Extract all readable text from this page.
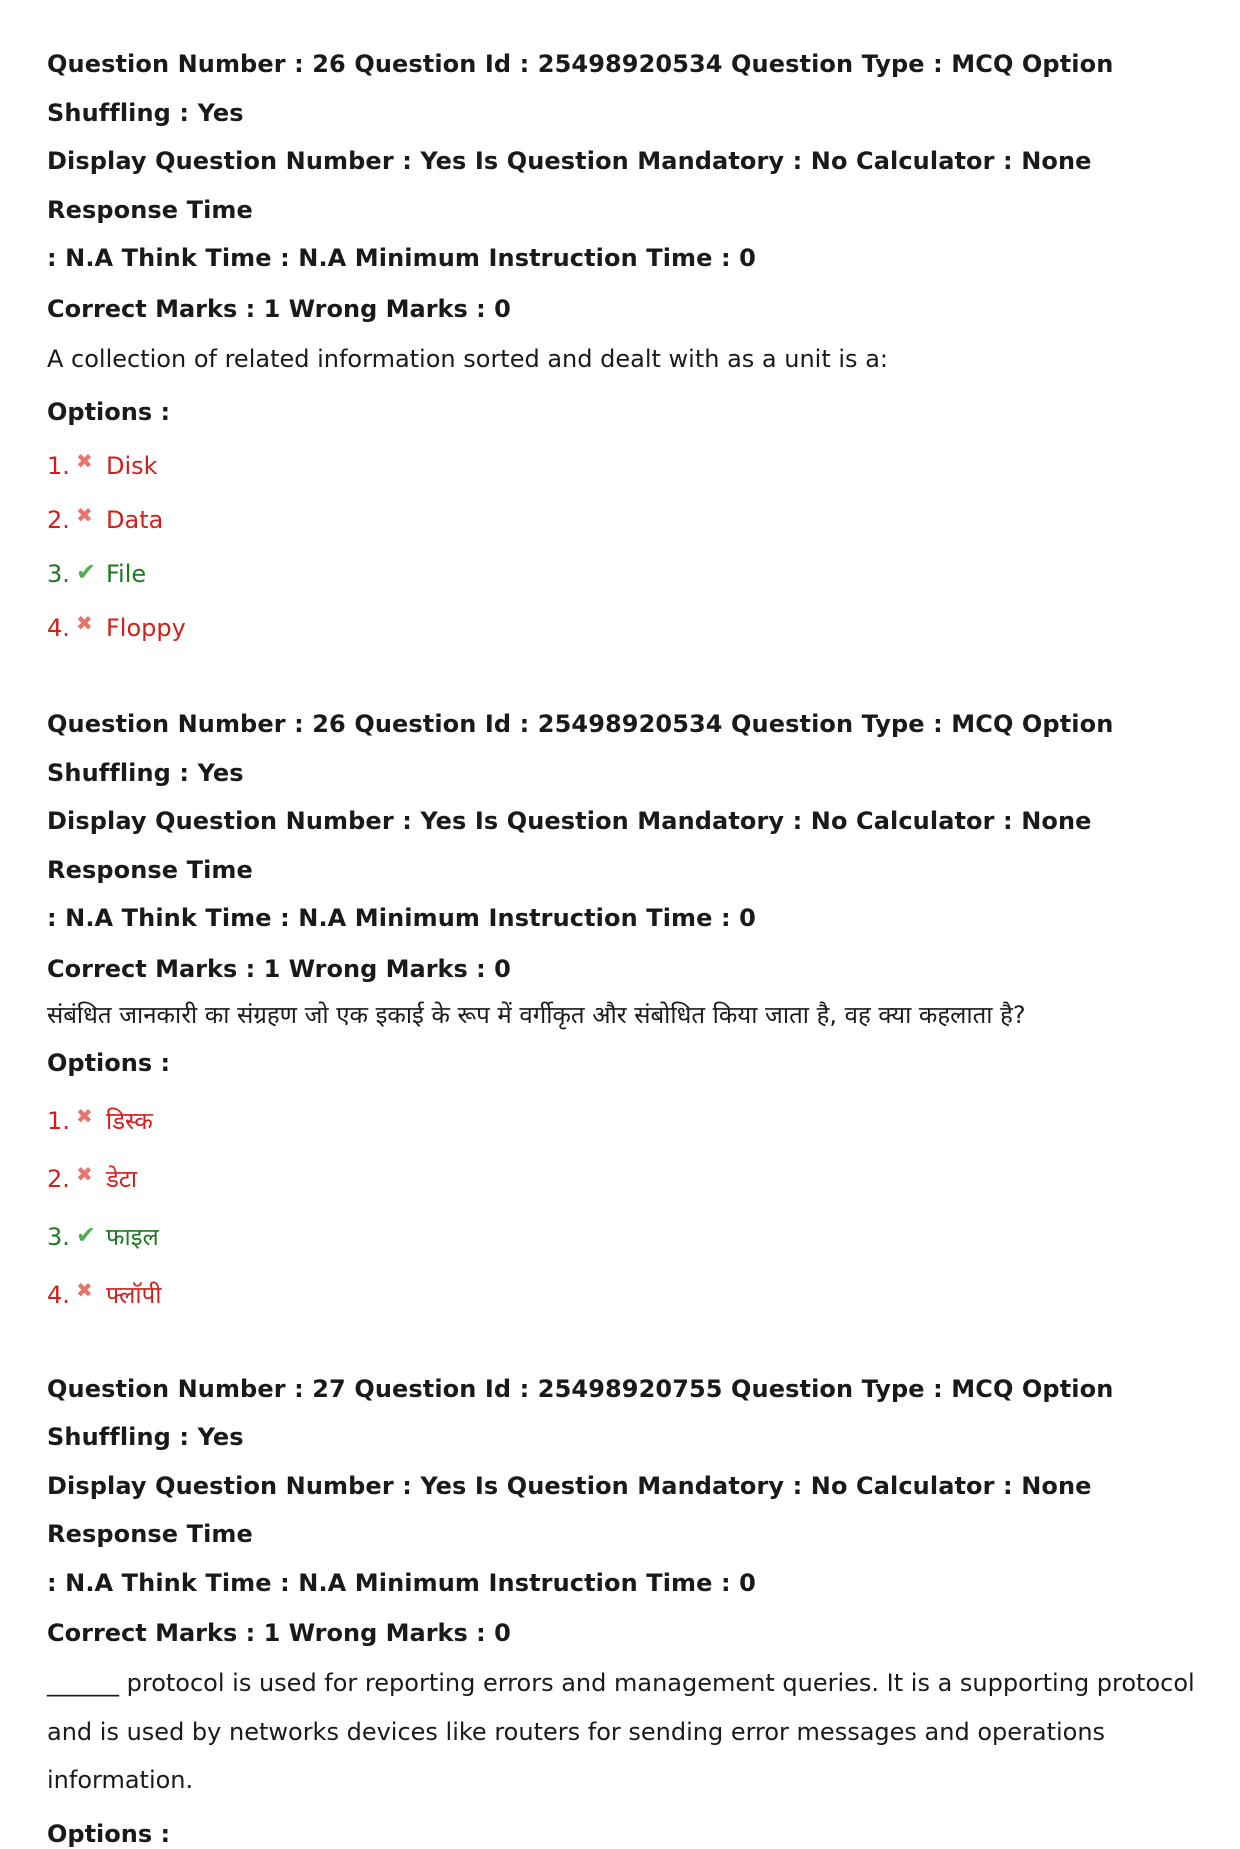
Question Number : 26 Question Id : 25498920534 Question Type : MCQ Option Shuffling : Yes

Display Question Number : Yes Is Question Mandatory : No Calculator : None Response Time

: N.A Think Time : N.A Minimum Instruction Time : 0

Correct Marks : 1 Wrong Marks : 0

A collection of related information sorted and dealt with as a unit is a:

Options :

1. ✖ Disk
2. ✖ Data
3. ✔ File
4. ✖ Floppy

Question Number : 26 Question Id : 25498920534 Question Type : MCQ Option Shuffling : Yes

Display Question Number : Yes Is Question Mandatory : No Calculator : None Response Time

: N.A Think Time : N.A Minimum Instruction Time : 0

Correct Marks : 1 Wrong Marks : 0

संबंधित जानकारी का संग्रहण जो एक इकाई के रूप में वर्गीकृत और संबोधित किया जाता है, वह क्या कहलाता है?

Options :

1. ✖ डिस्क
2. ✖ डेटा
3. ✔ फाइल
4. ✖ फ्लॉपी

Question Number : 27 Question Id : 25498920755 Question Type : MCQ Option Shuffling : Yes

Display Question Number : Yes Is Question Mandatory : No Calculator : None Response Time

: N.A Think Time : N.A Minimum Instruction Time : 0

Correct Marks : 1 Wrong Marks : 0

______ protocol is used for reporting errors and management queries. It is a supporting protocol
and is used by networks devices like routers for sending error messages and operations
information.

Options :
